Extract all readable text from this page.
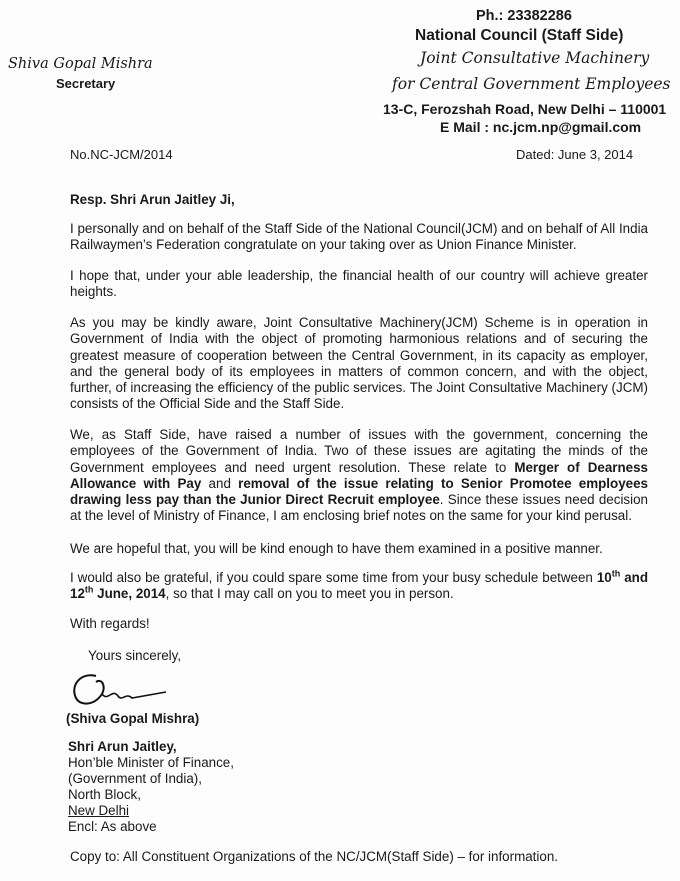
Shiva Gopal Mishra
Secretary
Ph.: 23382286
National Council (Staff Side)
Joint Consultative Machinery
for Central Government Employees
13-C, Ferozshah Road, New Delhi – 110001
E Mail : nc.jcm.np@gmail.com
No.NC-JCM/2014	Dated: June 3, 2014
Resp. Shri Arun Jaitley Ji,

I personally and on behalf of the Staff Side of the National Council(JCM) and on behalf of All India Railwaymen’s Federation congratulate on your taking over as Union Finance Minister.

I hope that, under your able leadership, the financial health of our country will achieve greater heights.

As you may be kindly aware, Joint Consultative Machinery(JCM) Scheme is in operation in Government of India with the object of promoting harmonious relations and of securing the greatest measure of cooperation between the Central Government, in its capacity as employer, and the general body of its employees in matters of common concern, and with the object, further, of increasing the efficiency of the public services. The Joint Consultative Machinery (JCM) consists of the Official Side and the Staff Side.

We, as Staff Side, have raised a number of issues with the government, concerning the employees of the Government of India. Two of these issues are agitating the minds of the Government employees and need urgent resolution. These relate to Merger of Dearness Allowance with Pay and removal of the issue relating to Senior Promotee employees drawing less pay than the Junior Direct Recruit employee. Since these issues need decision at the level of Ministry of Finance, I am enclosing brief notes on the same for your kind perusal.

We are hopeful that, you will be kind enough to have them examined in a positive manner.

I would also be grateful, if you could spare some time from your busy schedule between 10th and 12th June, 2014, so that I may call on you to meet you in person.

With regards!
Yours sincerely,
(Shiva Gopal Mishra)
Shri Arun Jaitley,
Hon’ble Minister of Finance,
(Government of India),
North Block,
New Delhi
Encl: As above
Copy to: All Constituent Organizations of the NC/JCM(Staff Side) – for information.
